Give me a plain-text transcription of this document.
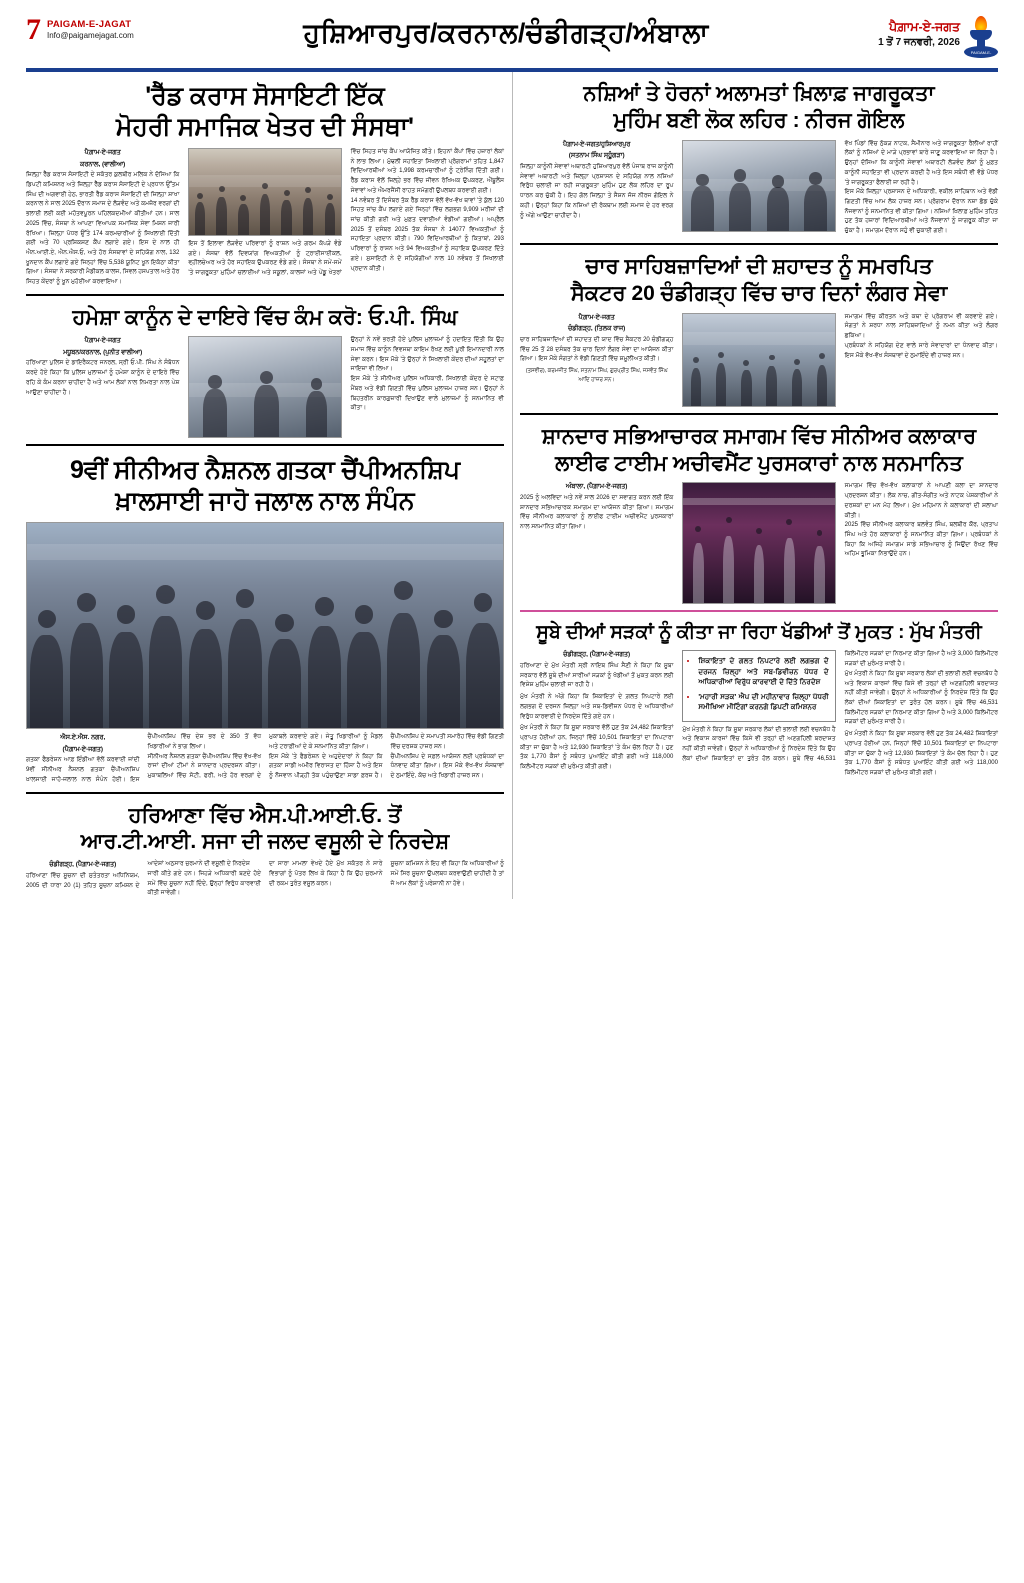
7 PAIGAM-E-JAGAT
Info@paigamejagat.com	ਹੁਸ਼ਿਆਰਪੁਰ/ਕਰਨਾਲ/ਚੰਡੀਗੜ੍ਹ/ਅੰਬਾਲਾ	ਪੈਗ਼ਾਮ-ਏ-ਜਗਤ
1 ਤੋਂ 7 ਜਨਵਰੀ, 2026
PAIGAM-E-JAGAT
'ਰੈੱਡ ਕਰਾਸ ਸੋਸਾਇਟੀ ਇੱਕ
ਮੋਹਰੀ ਸਮਾਜਿਕ ਖੇਤਰ ਦੀ ਸੰਸਥਾ'
ਪੈਗ਼ਾਮ-ਏ-ਜਗਤ
ਕਰਨਾਲ, (ਵਾਲੀਆ)

ਜ਼ਿਲ੍ਹਾ ਰੈੱਡ ਕਰਾਸ ਸੋਸਾਇਟੀ ਦੇ ਸਕੱਤਰ ਕੁਲਬੀਰ ਮਲਿਕ ਨੇ ਦੱਸਿਆ ਕਿ ਡਿਪਟੀ ਕਮਿਸ਼ਨਰ ਅਤੇ ਜ਼ਿਲ੍ਹਾ ਰੈੱਡ ਕਰਾਸ ਸੋਸਾਇਟੀ ਦੇ ਪ੍ਰਧਾਨ ਉੱਤਮ ਸਿੰਘ ਦੀ ਅਗਵਾਈ ਹੇਠ, ਭਾਰਤੀ ਰੈੱਡ ਕਰਾਸ ਸੋਸਾਇਟੀ ਦੀ ਜ਼ਿਲ੍ਹਾ ਸ਼ਾਖਾ ਕਰਨਾਲ ਨੇ ਸਾਲ 2025 ਦੌਰਾਨ ਸਮਾਜ ਦੇ ਲੋੜਵੰਦ ਅਤੇ ਕਮਜ਼ੋਰ ਵਰਗਾਂ ਦੀ ਭਲਾਈ ਲਈ ਕਈ ਮਹੱਤਵਪੂਰਨ ਪਹਿਲਕਦਮੀਆਂ ਕੀਤੀਆਂ ਹਨ। ਸਾਲ 2025 ਵਿੱਚ, ਸੰਸਥਾ ਨੇ ਆਪਣਾ ਵਿਆਪਕ ਸਮਾਜਿਕ ਸੇਵਾ ਮਿਸ਼ਨ ਜਾਰੀ ਰੱਖਿਆ। ਜ਼ਿਲ੍ਹਾ ਪੱਧਰ ਉੱਤੇ 174 ਕਰਮਚਾਰੀਆਂ ਨੂੰ ਸਿਖਲਾਈ ਦਿੱਤੀ ਗਈ ਅਤੇ 70 ਪ੍ਰਸ਼ਿਕਸ਼ਣ ਕੈਂਪ ਲਗਾਏ ਗਏ। ਇਸ ਦੇ ਨਾਲ ਹੀ ਐਨ.ਆਈ.ਏ, ਐਨ.ਐਸ.ਓ, ਅਤੇ ਹੋਰ ਸੰਸਥਾਵਾਂ ਦੇ ਸਹਿਯੋਗ ਨਾਲ, 132 ਖੂਨਦਾਨ ਕੈਂਪ ਲਗਾਏ ਗਏ ਜਿਨ੍ਹਾਂ ਵਿੱਚ 5,538 ਯੂਨਿਟ ਖੂਨ ਇਕੱਠਾ ਕੀਤਾ ਗਿਆ। ਸੰਸਥਾ ਨੇ ਸਰਕਾਰੀ ਮੈਡੀਕਲ ਕਾਲਜ, ਸਿਵਲ ਹਸਪਤਾਲ ਅਤੇ ਹੋਰ ਸਿਹਤ ਕੇਂਦਰਾਂ ਨੂੰ ਖੂਨ ਮੁਹੱਈਆ ਕਰਵਾਇਆ।

ਇਸ ਤੋਂ ਇਲਾਵਾ ਲੋੜਵੰਦ ਪਰਿਵਾਰਾਂ ਨੂੰ ਰਾਸ਼ਨ ਅਤੇ ਗਰਮ ਕੱਪੜੇ ਵੰਡੇ ਗਏ। ਸੰਸਥਾ ਵੱਲੋਂ ਦਿਵਯਾਂਗ ਵਿਅਕਤੀਆਂ ਨੂੰ ਟ੍ਰਾਈਸਾਈਕਲ, ਵ੍ਹੀਲਚੇਅਰ ਅਤੇ ਹੋਰ ਸਹਾਇਕ ਉਪਕਰਣ ਵੰਡੇ ਗਏ। ਸੰਸਥਾ ਨੇ ਸਮੇਂ-ਸਮੇਂ 'ਤੇ ਜਾਗਰੂਕਤਾ ਮੁਹਿੰਮਾਂ ਚਲਾਈਆਂ ਅਤੇ ਸਕੂਲਾਂ, ਕਾਲਜਾਂ ਅਤੇ ਪੇਂਡੂ ਖੇਤਰਾਂ ਵਿੱਚ ਸਿਹਤ ਜਾਂਚ ਕੈਂਪ ਆਯੋਜਿਤ ਕੀਤੇ। ਇਹਨਾਂ ਕੈਂਪਾਂ ਵਿੱਚ ਹਜ਼ਾਰਾਂ ਲੋਕਾਂ ਨੇ ਲਾਭ ਲਿਆ। ਮੁੱਢਲੀ ਸਹਾਇਤਾ ਸਿਖਲਾਈ ਪ੍ਰੋਗਰਾਮਾਂ ਤਹਿਤ 1,847 ਵਿਦਿਆਰਥੀਆਂ ਅਤੇ 1,998 ਕਰਮਚਾਰੀਆਂ ਨੂੰ ਟ੍ਰੇਨਿੰਗ ਦਿੱਤੀ ਗਈ। ਰੈੱਡ ਕਰਾਸ ਵੱਲੋਂ ਜ਼ਿਲ੍ਹੇ ਭਰ ਵਿੱਚ ਜੀਵਨ ਰੱਖਿਅਕ ਉਪਕਰਣ, ਐਂਬੂਲੈਂਸ ਸੇਵਾਵਾਂ ਅਤੇ ਐਮਰਜੈਂਸੀ ਰਾਹਤ ਸਮੱਗਰੀ ਉਪਲਬਧ ਕਰਵਾਈ ਗਈ।

14 ਨਵੰਬਰ ਤੋਂ ਦਿਸੰਬਰ ਤੱਕ ਰੈੱਡ ਕਰਾਸ ਵੱਲੋਂ ਵੱਖ-ਵੱਖ ਥਾਵਾਂ 'ਤੇ ਕੁੱਲ 120 ਸਿਹਤ ਜਾਂਚ ਕੈਂਪ ਲਗਾਏ ਗਏ ਜਿਨ੍ਹਾਂ ਵਿੱਚ ਲਗਭਗ 9,909 ਮਰੀਜ਼ਾਂ ਦੀ ਜਾਂਚ ਕੀਤੀ ਗਈ ਅਤੇ ਮੁਫ਼ਤ ਦਵਾਈਆਂ ਵੰਡੀਆਂ ਗਈਆਂ। ਅਪ੍ਰੈਲ 2025 ਤੋਂ ਦਸੰਬਰ 2025 ਤੱਕ ਸੰਸਥਾ ਨੇ 14077 ਵਿਅਕਤੀਆਂ ਨੂੰ ਸਹਾਇਤਾ ਪ੍ਰਦਾਨ ਕੀਤੀ। 790 ਵਿਦਿਆਰਥੀਆਂ ਨੂੰ ਕਿਤਾਬਾਂ, 293 ਪਰਿਵਾਰਾਂ ਨੂੰ ਰਾਸ਼ਨ ਅਤੇ 94 ਵਿਅਕਤੀਆਂ ਨੂੰ ਸਹਾਇਕ ਉਪਕਰਣ ਦਿੱਤੇ ਗਏ। ਸੁਸਾਇਟੀ ਨੇ ਦੋ ਸਹਿਯੋਗੀਆਂ ਨਾਲ 10 ਨਵੰਬਰ ਤੋਂ ਸਿਖਲਾਈ ਪ੍ਰਦਾਨ ਕੀਤੀ।

ਹਮੇਸ਼ਾ ਕਾਨੂੰਨ ਦੇ ਦਾਇਰੇ ਵਿੱਚ ਕੰਮ ਕਰੋ: ਓ.ਪੀ. ਸਿੰਘ
ਪੈਗ਼ਾਮ-ਏ-ਜਗਤ
ਮਧੂਬਨ/ਕਰਨਾਲ, (ਪੁਨੀਤ ਵਾਲੀਆ)

ਹਰਿਆਣਾ ਪੁਲਿਸ ਦੇ ਡਾਇਰੈਕਟਰ ਜਨਰਲ, ਸ੍ਰੀ ਓ.ਪੀ. ਸਿੰਘ ਨੇ ਸੰਬੋਧਨ ਕਰਦੇ ਹੋਏ ਕਿਹਾ ਕਿ ਪੁਲਿਸ ਮੁਲਾਜ਼ਮਾਂ ਨੂੰ ਹਮੇਸ਼ਾ ਕਾਨੂੰਨ ਦੇ ਦਾਇਰੇ ਵਿੱਚ ਰਹਿ ਕੇ ਕੰਮ ਕਰਨਾ ਚਾਹੀਦਾ ਹੈ ਅਤੇ ਆਮ ਲੋਕਾਂ ਨਾਲ ਨਿਮਰਤਾ ਨਾਲ ਪੇਸ਼ ਆਉਣਾ ਚਾਹੀਦਾ ਹੈ।

ਉਨ੍ਹਾਂ ਨੇ ਨਵੇਂ ਭਰਤੀ ਹੋਏ ਪੁਲਿਸ ਮੁਲਾਜ਼ਮਾਂ ਨੂੰ ਹਦਾਇਤ ਦਿੱਤੀ ਕਿ ਉਹ ਸਮਾਜ ਵਿੱਚ ਕਾਨੂੰਨ ਵਿਵਸਥਾ ਕਾਇਮ ਰੱਖਣ ਲਈ ਪੂਰੀ ਇਮਾਨਦਾਰੀ ਨਾਲ ਸੇਵਾ ਕਰਨ। ਇਸ ਮੌਕੇ 'ਤੇ ਉਨ੍ਹਾਂ ਨੇ ਸਿਖਲਾਈ ਕੇਂਦਰ ਦੀਆਂ ਸਹੂਲਤਾਂ ਦਾ ਜਾਇਜ਼ਾ ਵੀ ਲਿਆ।

ਇਸ ਮੌਕੇ 'ਤੇ ਸੀਨੀਅਰ ਪੁਲਿਸ ਅਧਿਕਾਰੀ, ਸਿਖਲਾਈ ਕੇਂਦਰ ਦੇ ਸਟਾਫ਼ ਮੈਂਬਰ ਅਤੇ ਵੱਡੀ ਗਿਣਤੀ ਵਿੱਚ ਪੁਲਿਸ ਮੁਲਾਜ਼ਮ ਹਾਜ਼ਰ ਸਨ। ਉਨ੍ਹਾਂ ਨੇ ਬਿਹਤਰੀਨ ਕਾਰਗੁਜ਼ਾਰੀ ਦਿਖਾਉਣ ਵਾਲੇ ਮੁਲਾਜ਼ਮਾਂ ਨੂੰ ਸਨਮਾਨਿਤ ਵੀ ਕੀਤਾ।

9ਵੀਂ ਸੀਨੀਅਰ ਨੈਸ਼ਨਲ ਗਤਕਾ ਚੈਂਪੀਅਨਸ਼ਿਪ
ਖ਼ਾਲਸਾਈ ਜਾਹੋ ਜਲਾਲ ਨਾਲ ਸੰਪੰਨ
ਐਸ.ਏ.ਐਸ. ਨਗਰ,
(ਪੈਗ਼ਾਮ-ਏ-ਜਗਤ)

ਗਤਕਾ ਫੈਡਰੇਸ਼ਨ ਆਫ਼ ਇੰਡੀਆ ਵੱਲੋਂ ਕਰਵਾਈ ਜਾਂਦੀ 9ਵੀਂ ਸੀਨੀਅਰ ਨੈਸ਼ਨਲ ਗਤਕਾ ਚੈਂਪੀਅਨਸ਼ਿਪ ਖ਼ਾਲਸਾਈ ਜਾਹੋ-ਜਲਾਲ ਨਾਲ ਸੰਪੰਨ ਹੋਈ। ਇਸ ਚੈਂਪੀਅਨਸ਼ਿਪ ਵਿੱਚ ਦੇਸ਼ ਭਰ ਦੇ 350 ਤੋਂ ਵੱਧ ਖਿਡਾਰੀਆਂ ਨੇ ਭਾਗ ਲਿਆ।

ਸੀਨੀਅਰ ਨੈਸ਼ਨਲ ਗਤਕਾ ਚੈਂਪੀਅਨਸ਼ਿਪ ਵਿੱਚ ਵੱਖ-ਵੱਖ ਰਾਜਾਂ ਦੀਆਂ ਟੀਮਾਂ ਨੇ ਸ਼ਾਨਦਾਰ ਪ੍ਰਦਰਸ਼ਨ ਕੀਤਾ। ਮੁਕਾਬਲਿਆਂ ਵਿੱਚ ਸੋਟੀ, ਫਰੀ, ਅਤੇ ਹੋਰ ਵਰਗਾਂ ਦੇ ਮੁਕਾਬਲੇ ਕਰਵਾਏ ਗਏ। ਜੇਤੂ ਖਿਡਾਰੀਆਂ ਨੂੰ ਮੈਡਲ ਅਤੇ ਟਰਾਫ਼ੀਆਂ ਦੇ ਕੇ ਸਨਮਾਨਿਤ ਕੀਤਾ ਗਿਆ।

ਇਸ ਮੌਕੇ 'ਤੇ ਫੈਡਰੇਸ਼ਨ ਦੇ ਅਹੁਦੇਦਾਰਾਂ ਨੇ ਕਿਹਾ ਕਿ ਗਤਕਾ ਸਾਡੀ ਅਮੀਰ ਵਿਰਾਸਤ ਦਾ ਹਿੱਸਾ ਹੈ ਅਤੇ ਇਸ ਨੂੰ ਨੌਜਵਾਨ ਪੀੜ੍ਹੀ ਤੱਕ ਪਹੁੰਚਾਉਣਾ ਸਾਡਾ ਫ਼ਰਜ਼ ਹੈ। ਚੈਂਪੀਅਨਸ਼ਿਪ ਦੇ ਸਮਾਪਤੀ ਸਮਾਰੋਹ ਵਿੱਚ ਵੱਡੀ ਗਿਣਤੀ ਵਿੱਚ ਦਰਸ਼ਕ ਹਾਜ਼ਰ ਸਨ।

ਚੈਂਪੀਅਨਸ਼ਿਪ ਦੇ ਸਫ਼ਲ ਆਯੋਜਨ ਲਈ ਪ੍ਰਬੰਧਕਾਂ ਦਾ ਧੰਨਵਾਦ ਕੀਤਾ ਗਿਆ। ਇਸ ਮੌਕੇ ਵੱਖ-ਵੱਖ ਸੰਸਥਾਵਾਂ ਦੇ ਨੁਮਾਇੰਦੇ, ਕੋਚ ਅਤੇ ਖਿਡਾਰੀ ਹਾਜ਼ਰ ਸਨ।

ਹਰਿਆਣਾ ਵਿੱਚ ਐਸ.ਪੀ.ਆਈ.ਓ. ਤੋਂ
ਆਰ.ਟੀ.ਆਈ. ਸਜਾ ਦੀ ਜਲਦ ਵਸੂਲੀ ਦੇ ਨਿਰਦੇਸ਼
ਚੰਡੀਗੜ੍ਹ, (ਪੈਗ਼ਾਮ-ਏ-ਜਗਤ)

ਹਰਿਆਣਾ ਵਿੱਚ ਸੂਚਨਾ ਦੀ ਸੁਤੰਤਰਤਾ ਅਧਿਨਿਯਮ, 2005 ਦੀ ਧਾਰਾ 20 (1) ਤਹਿਤ ਸੂਚਨਾ ਕਮਿਸ਼ਨ ਦੇ ਆਦੇਸ਼ਾਂ ਅਨੁਸਾਰ ਜੁਰਮਾਨੇ ਦੀ ਵਸੂਲੀ ਦੇ ਨਿਰਦੇਸ਼

ਜਾਰੀ ਕੀਤੇ ਗਏ ਹਨ। ਜਿਹੜੇ ਅਧਿਕਾਰੀ ਬਣਦੇ ਹੋਏ ਸਮੇਂ ਵਿੱਚ ਸੂਚਨਾ ਨਹੀਂ ਦਿੰਦੇ, ਉਨ੍ਹਾਂ ਵਿਰੁੱਧ ਕਾਰਵਾਈ ਕੀਤੀ ਜਾਵੇਗੀ।

ਦਾ ਸਾਰਾ ਮਾਮਲਾ ਵੇਖਦੇ ਹੋਏ ਮੁੱਖ ਸਕੱਤਰ ਨੇ ਸਾਰੇ ਵਿਭਾਗਾਂ ਨੂੰ ਪੱਤਰ ਲਿਖ ਕੇ ਕਿਹਾ ਹੈ ਕਿ ਉਹ ਜੁਰਮਾਨੇ ਦੀ ਰਕਮ ਤੁਰੰਤ ਵਸੂਲ ਕਰਨ।

ਸੂਚਨਾ ਕਮਿਸ਼ਨ ਨੇ ਇਹ ਵੀ ਕਿਹਾ ਕਿ ਅਧਿਕਾਰੀਆਂ ਨੂੰ ਸਮੇਂ ਸਿਰ ਸੂਚਨਾ ਉਪਲਬਧ ਕਰਵਾਉਣੀ ਚਾਹੀਦੀ ਹੈ ਤਾਂ ਜੋ ਆਮ ਲੋਕਾਂ ਨੂੰ ਪਰੇਸ਼ਾਨੀ ਨਾ ਹੋਵੇ।

ਨਸ਼ਿਆਂ ਤੇ ਹੋਰਨਾਂ ਅਲਾਮਤਾਂ ਖ਼ਿਲਾਫ਼ ਜਾਗਰੂਕਤਾ
ਮੁਹਿੰਮ ਬਣੀ ਲੋਕ ਲਹਿਰ : ਨੀਰਜ ਗੋਇਲ
ਪੈਗ਼ਾਮ-ਏ-ਜਗਤ/ਹੁਸ਼ਿਆਰਪੁਰ
(ਸਤਨਾਮ ਸਿੰਘ ਸ੍ਹੂੰਗੜਾ)

ਜ਼ਿਲ੍ਹਾ ਕਾਨੂੰਨੀ ਸੇਵਾਵਾਂ ਅਥਾਰਟੀ ਹੁਸ਼ਿਆਰਪੁਰ ਵੱਲੋਂ ਪੰਜਾਬ ਰਾਜ ਕਾਨੂੰਨੀ ਸੇਵਾਵਾਂ ਅਥਾਰਟੀ ਅਤੇ ਜ਼ਿਲ੍ਹਾ ਪ੍ਰਸ਼ਾਸਨ ਦੇ ਸਹਿਯੋਗ ਨਾਲ ਨਸ਼ਿਆਂ ਵਿਰੁੱਧ ਚਲਾਈ ਜਾ ਰਹੀ ਜਾਗਰੂਕਤਾ ਮੁਹਿੰਮ ਹੁਣ ਲੋਕ ਲਹਿਰ ਦਾ ਰੂਪ ਧਾਰਨ ਕਰ ਚੁੱਕੀ ਹੈ। ਇਹ ਗੱਲ ਜ਼ਿਲ੍ਹਾ ਤੇ ਸੈਸ਼ਨ ਜੱਜ ਨੀਰਜ ਗੋਇਲ ਨੇ ਕਹੀ। ਉਨ੍ਹਾਂ ਕਿਹਾ ਕਿ ਨਸ਼ਿਆਂ ਦੀ ਰੋਕਥਾਮ ਲਈ ਸਮਾਜ ਦੇ ਹਰ ਵਰਗ ਨੂੰ ਅੱਗੇ ਆਉਣਾ ਚਾਹੀਦਾ ਹੈ।

ਵੱਖ ਪਿੰਡਾਂ ਵਿੱਚ ਨੁੱਕੜ ਨਾਟਕ, ਸੈਮੀਨਾਰ ਅਤੇ ਜਾਗਰੂਕਤਾ ਰੈਲੀਆਂ ਰਾਹੀਂ ਲੋਕਾਂ ਨੂੰ ਨਸ਼ਿਆਂ ਦੇ ਮਾੜੇ ਪ੍ਰਭਾਵਾਂ ਬਾਰੇ ਜਾਣੂ ਕਰਵਾਇਆ ਜਾ ਰਿਹਾ ਹੈ। ਉਨ੍ਹਾਂ ਦੱਸਿਆ ਕਿ ਕਾਨੂੰਨੀ ਸੇਵਾਵਾਂ ਅਥਾਰਟੀ ਲੋੜਵੰਦ ਲੋਕਾਂ ਨੂੰ ਮੁਫ਼ਤ ਕਾਨੂੰਨੀ ਸਹਾਇਤਾ ਵੀ ਪ੍ਰਦਾਨ ਕਰਦੀ ਹੈ ਅਤੇ ਇਸ ਸਬੰਧੀ ਵੀ ਵੱਡੇ ਪੱਧਰ 'ਤੇ ਜਾਗਰੂਕਤਾ ਫੈਲਾਈ ਜਾ ਰਹੀ ਹੈ।

ਇਸ ਮੌਕੇ ਜ਼ਿਲ੍ਹਾ ਪ੍ਰਸ਼ਾਸਨ ਦੇ ਅਧਿਕਾਰੀ, ਵਕੀਲ ਸਾਹਿਬਾਨ ਅਤੇ ਵੱਡੀ ਗਿਣਤੀ ਵਿੱਚ ਆਮ ਲੋਕ ਹਾਜ਼ਰ ਸਨ। ਪ੍ਰੋਗਰਾਮ ਦੌਰਾਨ ਨਸ਼ਾ ਛੱਡ ਚੁੱਕੇ ਨੌਜਵਾਨਾਂ ਨੂੰ ਸਨਮਾਨਿਤ ਵੀ ਕੀਤਾ ਗਿਆ। ਨਸ਼ਿਆਂ ਖ਼ਿਲਾਫ਼ ਮੁਹਿੰਮ ਤਹਿਤ ਹੁਣ ਤੱਕ ਹਜ਼ਾਰਾਂ ਵਿਦਿਆਰਥੀਆਂ ਅਤੇ ਨੌਜਵਾਨਾਂ ਨੂੰ ਜਾਗਰੂਕ ਕੀਤਾ ਜਾ ਚੁੱਕਾ ਹੈ। ਸਮਾਗਮ ਦੌਰਾਨ ਸਹੁੰ ਵੀ ਚੁਕਾਈ ਗਈ।

ਚਾਰ ਸਾਹਿਬਜ਼ਾਦਿਆਂ ਦੀ ਸ਼ਹਾਦਤ ਨੂੰ ਸਮਰਪਿਤ
ਸੈਕਟਰ 20 ਚੰਡੀਗੜ੍ਹ ਵਿੱਚ ਚਾਰ ਦਿਨਾਂ ਲੰਗਰ ਸੇਵਾ
ਪੈਗ਼ਾਮ-ਏ-ਜਗਤ
ਚੰਡੀਗੜ੍ਹ, (ਤਿਲਕ ਰਾਜ)

ਚਾਰ ਸਾਹਿਬਜ਼ਾਦਿਆਂ ਦੀ ਸ਼ਹਾਦਤ ਦੀ ਯਾਦ ਵਿੱਚ ਸੈਕਟਰ 20 ਚੰਡੀਗੜ੍ਹ ਵਿੱਚ 25 ਤੋਂ 28 ਦਸੰਬਰ ਤੱਕ ਚਾਰ ਦਿਨਾਂ ਲੰਗਰ ਸੇਵਾ ਦਾ ਆਯੋਜਨ ਕੀਤਾ ਗਿਆ। ਇਸ ਮੌਕੇ ਸੰਗਤਾਂ ਨੇ ਵੱਡੀ ਗਿਣਤੀ ਵਿੱਚ ਸ਼ਮੂਲੀਅਤ ਕੀਤੀ।

(ਤਸਵੀਰ), ਕਰਮਜੀਤ ਸਿੰਘ, ਸਤਨਾਮ ਸਿੰਘ, ਗੁਰਪ੍ਰੀਤ ਸਿੰਘ, ਜਸਵੰਤ ਸਿੰਘ ਆਦਿ ਹਾਜ਼ਰ ਸਨ।

ਸਮਾਗਮ ਵਿੱਚ ਕੀਰਤਨ ਅਤੇ ਕਥਾ ਦੇ ਪ੍ਰੋਗਰਾਮ ਵੀ ਕਰਵਾਏ ਗਏ। ਸੰਗਤਾਂ ਨੇ ਸ਼ਰਧਾ ਨਾਲ ਸਾਹਿਬਜ਼ਾਦਿਆਂ ਨੂੰ ਨਮਨ ਕੀਤਾ ਅਤੇ ਲੰਗਰ ਛਕਿਆ।

ਪ੍ਰਬੰਧਕਾਂ ਨੇ ਸਹਿਯੋਗ ਦੇਣ ਵਾਲੇ ਸਾਰੇ ਸੇਵਾਦਾਰਾਂ ਦਾ ਧੰਨਵਾਦ ਕੀਤਾ। ਇਸ ਮੌਕੇ ਵੱਖ-ਵੱਖ ਸੰਸਥਾਵਾਂ ਦੇ ਨੁਮਾਇੰਦੇ ਵੀ ਹਾਜ਼ਰ ਸਨ।

ਸ਼ਾਨਦਾਰ ਸਭਿਆਚਾਰਕ ਸਮਾਗਮ ਵਿੱਚ ਸੀਨੀਅਰ ਕਲਾਕਾਰ
ਲਾਈਫ ਟਾਈਮ ਅਚੀਵਮੈਂਟ ਪੁਰਸਕਾਰਾਂ ਨਾਲ ਸਨਮਾਨਿਤ
ਅੰਬਾਲਾ, (ਪੈਗ਼ਾਮ-ਏ-ਜਗਤ)

2025 ਨੂੰ ਅਲਵਿਦਾ ਅਤੇ ਨਵੇਂ ਸਾਲ 2026 ਦਾ ਸਵਾਗਤ ਕਰਨ ਲਈ ਇੱਕ ਸ਼ਾਨਦਾਰ ਸਭਿਆਚਾਰਕ ਸਮਾਗਮ ਦਾ ਆਯੋਜਨ ਕੀਤਾ ਗਿਆ। ਸਮਾਗਮ ਵਿੱਚ ਸੀਨੀਅਰ ਕਲਾਕਾਰਾਂ ਨੂੰ ਲਾਈਫ ਟਾਈਮ ਅਚੀਵਮੈਂਟ ਪੁਰਸਕਾਰਾਂ ਨਾਲ ਸਨਮਾਨਿਤ ਕੀਤਾ ਗਿਆ।

ਸਮਾਗਮ ਵਿੱਚ ਵੱਖ-ਵੱਖ ਕਲਾਕਾਰਾਂ ਨੇ ਆਪਣੀ ਕਲਾ ਦਾ ਸ਼ਾਨਦਾਰ ਪ੍ਰਦਰਸ਼ਨ ਕੀਤਾ। ਲੋਕ ਨਾਚ, ਗੀਤ-ਸੰਗੀਤ ਅਤੇ ਨਾਟਕ ਪੇਸ਼ਕਾਰੀਆਂ ਨੇ ਦਰਸ਼ਕਾਂ ਦਾ ਮਨ ਮੋਹ ਲਿਆ। ਮੁੱਖ ਮਹਿਮਾਨ ਨੇ ਕਲਾਕਾਰਾਂ ਦੀ ਸ਼ਲਾਘਾ ਕੀਤੀ।

2025 ਵਿੱਚ ਸੀਨੀਅਰ ਕਲਾਕਾਰ ਬਲਵੰਤ ਸਿੰਘ, ਬਲਬੀਰ ਕੌਰ, ਪ੍ਰਤਾਪ ਸਿੰਘ ਅਤੇ ਹੋਰ ਕਲਾਕਾਰਾਂ ਨੂੰ ਸਨਮਾਨਿਤ ਕੀਤਾ ਗਿਆ। ਪ੍ਰਬੰਧਕਾਂ ਨੇ ਕਿਹਾ ਕਿ ਅਜਿਹੇ ਸਮਾਗਮ ਸਾਡੇ ਸਭਿਆਚਾਰ ਨੂੰ ਜਿਉਂਦਾ ਰੱਖਣ ਵਿੱਚ ਅਹਿਮ ਭੂਮਿਕਾ ਨਿਭਾਉਂਦੇ ਹਨ।

ਸੂਬੇ ਦੀਆਂ ਸੜਕਾਂ ਨੂੰ ਕੀਤਾ ਜਾ ਰਿਹਾ ਖੱਡੀਆਂ ਤੋਂ ਮੁਕਤ : ਮੁੱਖ ਮੰਤਰੀ
ਚੰਡੀਗੜ੍ਹ, (ਪੈਗ਼ਾਮ-ਏ-ਜਗਤ)

ਹਰਿਆਣਾ ਦੇ ਮੁੱਖ ਮੰਤਰੀ ਸ੍ਰੀ ਨਾਇਬ ਸਿੰਘ ਸੈਣੀ ਨੇ ਕਿਹਾ ਕਿ ਸੂਬਾ ਸਰਕਾਰ ਵੱਲੋਂ ਸੂਬੇ ਦੀਆਂ ਸਾਰੀਆਂ ਸੜਕਾਂ ਨੂੰ ਖੱਡੀਆਂ ਤੋਂ ਮੁਕਤ ਕਰਨ ਲਈ ਵਿਸ਼ੇਸ਼ ਮੁਹਿੰਮ ਚਲਾਈ ਜਾ ਰਹੀ ਹੈ।

ਮੁੱਖ ਮੰਤਰੀ ਨੇ ਅੱਗੇ ਕਿਹਾ ਕਿ ਸ਼ਿਕਾਇਤਾਂ ਦੇ ਗ਼ਲਤ ਨਿਪਟਾਰੇ ਲਈ ਲਗਭਗ ਦੋ ਦਰਜਨ ਜ਼ਿਲ੍ਹਾ ਅਤੇ ਸਬ-ਡਿਵੀਜ਼ਨ ਪੱਧਰ ਦੇ ਅਧਿਕਾਰੀਆਂ ਵਿਰੁੱਧ ਕਾਰਵਾਈ ਦੇ ਨਿਰਦੇਸ਼ ਦਿੱਤੇ ਗਏ ਹਨ।

ਮੁੱਖ ਮੰਤਰੀ ਨੇ ਕਿਹਾ ਕਿ ਸੂਬਾ ਸਰਕਾਰ ਵੱਲੋਂ ਹੁਣ ਤੱਕ 24,482 ਸ਼ਿਕਾਇਤਾਂ ਪ੍ਰਾਪਤ ਹੋਈਆਂ ਹਨ, ਜਿਨ੍ਹਾਂ ਵਿੱਚੋਂ 10,501 ਸ਼ਿਕਾਇਤਾਂ ਦਾ ਨਿਪਟਾਰਾ ਕੀਤਾ ਜਾ ਚੁੱਕਾ ਹੈ ਅਤੇ 12,930 ਸ਼ਿਕਾਇਤਾਂ 'ਤੇ ਕੰਮ ਚੱਲ ਰਿਹਾ ਹੈ। ਹੁਣ ਤੱਕ 1,770 ਕੈਸਾਂ ਨੂੰ ਸਬੰਧਤ ਪੁਆਇੰਟ ਕੀਤੀ ਗਈ ਅਤੇ 118,000 ਕਿਲੋਮੀਟਰ ਸੜਕਾਂ ਦੀ ਮੁਰੰਮਤ ਕੀਤੀ ਗਈ।

• ਸ਼ਿਕਾਇਤਾਂ ਦੇ ਗਲਤ ਨਿਪਟਾਰੇ ਲਈ ਲਗਭਗ ਦੋ ਦਰਜਨ ਜ਼ਿਲ੍ਹਾ ਅਤੇ ਸਬ-ਡਿਵੀਜ਼ਨ ਪੱਧਰ ਦੇ ਅਧਿਕਾਰੀਆਂ ਵਿਰੁੱਧ ਕਾਰਵਾਈ ਦੇ ਦਿੱਤੇ ਨਿਰਦੇਸ਼
• 'ਮਹਾਰੀ ਸੜਕ' ਐਪ ਦੀ ਮਹੀਨਾਵਾਰ ਜ਼ਿਲ੍ਹਾ ਪੱਧਰੀ ਸਮੀਖਿਆ ਮੀਟਿੰਗਾਂ ਕਰਨਗੇ ਡਿਪਟੀ ਕਮਿਸ਼ਨਰ

ਮੁੱਖ ਮੰਤਰੀ ਨੇ ਕਿਹਾ ਕਿ ਸੂਬਾ ਸਰਕਾਰ ਲੋਕਾਂ ਦੀ ਭਲਾਈ ਲਈ ਵਚਨਬੱਧ ਹੈ ਅਤੇ ਵਿਕਾਸ ਕਾਰਜਾਂ ਵਿੱਚ ਕਿਸੇ ਵੀ ਤਰ੍ਹਾਂ ਦੀ ਅਣਗਹਿਲੀ ਬਰਦਾਸ਼ਤ ਨਹੀਂ ਕੀਤੀ ਜਾਵੇਗੀ। ਉਨ੍ਹਾਂ ਨੇ ਅਧਿਕਾਰੀਆਂ ਨੂੰ ਨਿਰਦੇਸ਼ ਦਿੱਤੇ ਕਿ ਉਹ ਲੋਕਾਂ ਦੀਆਂ ਸ਼ਿਕਾਇਤਾਂ ਦਾ ਤੁਰੰਤ ਹੱਲ ਕਰਨ। ਸੂਬੇ ਵਿੱਚ 46,531 ਕਿਲੋਮੀਟਰ ਸੜਕਾਂ ਦਾ ਨਿਰਮਾਣ ਕੀਤਾ ਗਿਆ ਹੈ ਅਤੇ 3,000 ਕਿਲੋਮੀਟਰ ਸੜਕਾਂ ਦੀ ਮੁਰੰਮਤ ਜਾਰੀ ਹੈ।

ਮੁੱਖ ਮੰਤਰੀ ਨੇ ਕਿਹਾ ਕਿ ਸੂਬਾ ਸਰਕਾਰ ਲੋਕਾਂ ਦੀ ਭਲਾਈ ਲਈ ਵਚਨਬੱਧ ਹੈ ਅਤੇ ਵਿਕਾਸ ਕਾਰਜਾਂ ਵਿੱਚ ਕਿਸੇ ਵੀ ਤਰ੍ਹਾਂ ਦੀ ਅਣਗਹਿਲੀ ਬਰਦਾਸ਼ਤ ਨਹੀਂ ਕੀਤੀ ਜਾਵੇਗੀ। ਉਨ੍ਹਾਂ ਨੇ ਅਧਿਕਾਰੀਆਂ ਨੂੰ ਨਿਰਦੇਸ਼ ਦਿੱਤੇ ਕਿ ਉਹ ਲੋਕਾਂ ਦੀਆਂ ਸ਼ਿਕਾਇਤਾਂ ਦਾ ਤੁਰੰਤ ਹੱਲ ਕਰਨ। ਸੂਬੇ ਵਿੱਚ 46,531 ਕਿਲੋਮੀਟਰ ਸੜਕਾਂ ਦਾ ਨਿਰਮਾਣ ਕੀਤਾ ਗਿਆ ਹੈ ਅਤੇ 3,000 ਕਿਲੋਮੀਟਰ ਸੜਕਾਂ ਦੀ ਮੁਰੰਮਤ ਜਾਰੀ ਹੈ।

ਮੁੱਖ ਮੰਤਰੀ ਨੇ ਕਿਹਾ ਕਿ ਸੂਬਾ ਸਰਕਾਰ ਵੱਲੋਂ ਹੁਣ ਤੱਕ 24,482 ਸ਼ਿਕਾਇਤਾਂ ਪ੍ਰਾਪਤ ਹੋਈਆਂ ਹਨ, ਜਿਨ੍ਹਾਂ ਵਿੱਚੋਂ 10,501 ਸ਼ਿਕਾਇਤਾਂ ਦਾ ਨਿਪਟਾਰਾ ਕੀਤਾ ਜਾ ਚੁੱਕਾ ਹੈ ਅਤੇ 12,930 ਸ਼ਿਕਾਇਤਾਂ 'ਤੇ ਕੰਮ ਚੱਲ ਰਿਹਾ ਹੈ। ਹੁਣ ਤੱਕ 1,770 ਕੈਸਾਂ ਨੂੰ ਸਬੰਧਤ ਪੁਆਇੰਟ ਕੀਤੀ ਗਈ ਅਤੇ 118,000 ਕਿਲੋਮੀਟਰ ਸੜਕਾਂ ਦੀ ਮੁਰੰਮਤ ਕੀਤੀ ਗਈ।
